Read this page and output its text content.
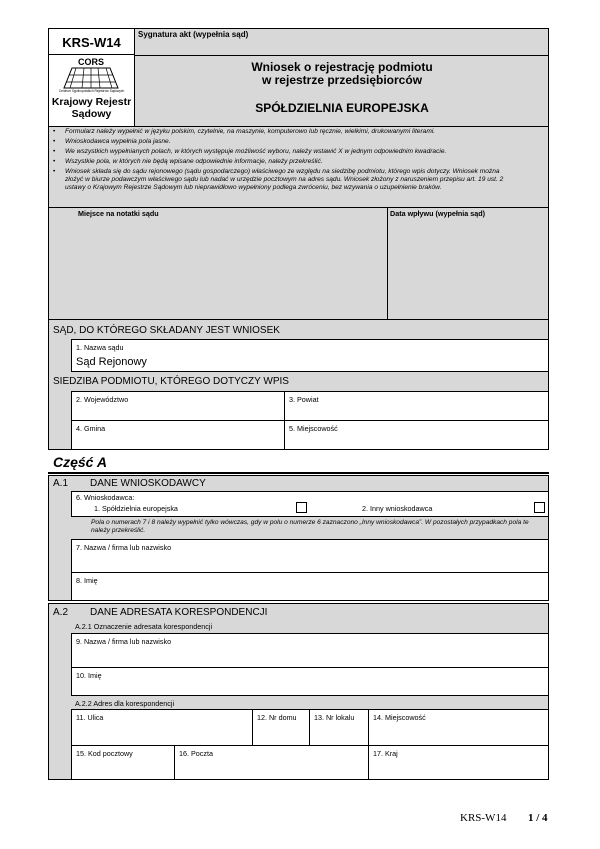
KRS-W14
Sygnatura akt (wypełnia sąd)
CORS
Centrum Ogólnopolskich Rejestrów Sądowych
Krajowy Rejestr
Sądowy
Wniosek o rejestrację podmiotu
w rejestrze przedsiębiorców
SPÓŁDZIELNIA EUROPEJSKA
• Formularz należy wypełnić w języku polskim, czytelnie, na maszynie, komputerowo lub ręcznie, wielkimi, drukowanymi literami.
• Wnioskodawca wypełnia pola jasne.
• We wszystkich wypełnianych polach, w których występuje możliwość wyboru, należy wstawić X w jednym odpowiednim kwadracie.
• Wszystkie pola, w których nie będą wpisane odpowiednie informacje, należy przekreślić.
• Wniosek składa się do sądu rejonowego (sądu gospodarczego) właściwego ze względu na siedzibę podmiotu, którego wpis dotyczy. Wniosek można złożyć w biurze podawczym właściwego sądu lub nadać w urzędzie pocztowym na adres sądu. Wniosek złożony z naruszeniem przepisu art. 19 ust. 2 ustawy o Krajowym Rejestrze Sądowym lub nieprawidłowo wypełniony podlega zwróceniu, bez wzywania o uzupełnienie braków.
Miejsce na notatki sądu	Data wpływu (wypełnia sąd)
SĄD, DO KTÓREGO SKŁADANY JEST WNIOSEK
1. Nazwa sądu
Sąd Rejonowy
SIEDZIBA PODMIOTU, KTÓREGO DOTYCZY WPIS
2. Województwo	3. Powiat
4. Gmina	5. Miejscowość
Część A
A.1 DANE WNIOSKODAWCY
6. Wnioskodawca:
1. Spółdzielnia europejska	2. Inny wnioskodawca
Pola o numerach 7 i 8 należy wypełnić tylko wówczas, gdy w polu o numerze 6 zaznaczono „Inny wnioskodawca”. W pozostałych przypadkach pola te należy przekreślić.
7. Nazwa / firma lub nazwisko
8. Imię
A.2 DANE ADRESATA KORESPONDENCJI
A.2.1 Oznaczenie adresata korespondencji
9. Nazwa / firma lub nazwisko
10. Imię
A.2.2 Adres dla korespondencji
11. Ulica	12. Nr domu 13. Nr lokalu	14. Miejscowość
15. Kod pocztowy	16. Poczta	17. Kraj
KRS-W14 1 / 4
